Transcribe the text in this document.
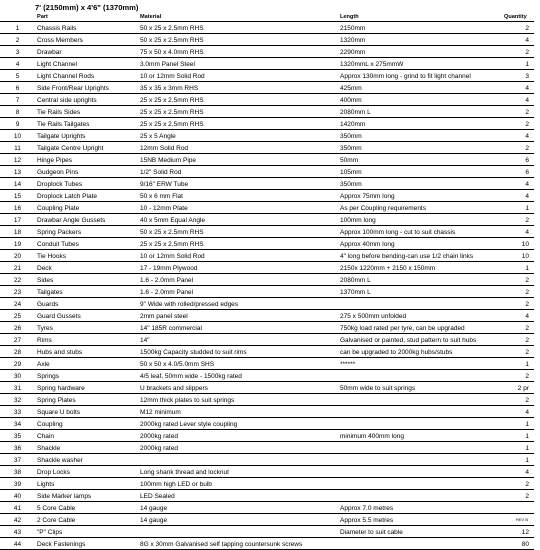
7' (2150mm) x 4'6" (1370mm)
	Part	Material	Length	Quantity
1	Chassis Rails	50 x 25 x 2.5mm RHS	2150mm	2
2	Cross Members	50 x 25 x 2.5mm RHS	1320mm	4
3	Drawbar	75 x 50 x 4.0mm RHS	2290mm	2
4	Light Channel	3.0mm Panel Steel	1320mmL x 275mmW	1
5	Light Channel Rods	10 or 12mm Solid Rod	Approx 130mm long - grind to fit light channel	3
6	Side Front/Rear Uprights	35 x 35 x 3mm RHS	425mm	4
7	Central side uprights	25 x 25 x 2.5mm RHS	400mm	4
8	Tie Rails Sides	25 x 25 x 2.5mm RHS	2080mm L	2
9	Tie Rails Tailgates	25 x 25 x 2.5mm RHS	1420mm	2
10	Tailgate Uprights	25 x 5 Angle	350mm	4
11	Tailgate Centre Upright	12mm Solid Rod	350mm	2
12	Hinge Pipes	15NB Medium Pipe	50mm	6
13	Gudgeon Pins	1/2" Solid Rod	105mm	6
14	Droplock Tubes	9/16" ERW Tube	350mm	4
15	Droplock Latch Plate	50 x 6 mm Flat	Approx 75mm long	4
16	Coupling Plate	10 - 12mm Plate	As per Coupling requirements	1
17	Drawbar Angle Gussets	40 x 5mm Equal Angle	100mm long	2
18	Spring Packers	50 x 25 x 2.5mm RHS	Approx 100mm long - cut to suit chassis	4
19	Conduit Tubes	25 x 25 x 2.5mm RHS	Approx 40mm long	10
20	Tie Hooks	10 or 12mm Solid Rod	4" long before bending-can use 1/2 chain links	10
21	Deck	17 - 19mm Plywood	2150x 1220mm + 2150 x 150mm	1
22	Sides	1.6 - 2.0mm Panel	2080mm L	2
23	Tailgates	1.6 - 2.0mm Panel	1370mm L	2
24	Guards	9" Wide with rolled/pressed edges		2
25	Guard Gussets	2mm panel steel	275 x 500mm unfolded	4
26	Tyres	14" 185R commercial	750kg load rated per tyre, can be upgraded	2
27	Rims	14"	Galvanised or painted, stud pattern to suit hubs	2
28	Hubs and stubs	1500kg Capacity studded to suit rims	can be upgraded to 2000kg hubs/stubs	2
29	Axle	50 x 50 x 4.0/5.0mm SHS	******	1
30	Springs	4/5 leaf, 50mm wide - 1500kg rated		2
31	Spring hardware	U brackets and slippers	50mm wide to suit springs	2 pr
32	Spring Plates	12mm thick plates to suit springs		2
33	Square U bolts	M12 minimum		4
34	Coupling	2000kg rated Lever style coupling		1
35	Chain	2000kg rated	minimum 400mm long	1
36	Shackle	2000kg rated		1
37	Shackle washer			1
38	Drop Locks	Long shank thread and locknut		4
39	Lights	100mm high LED or bulb		2
40	Side Marker lamps	LED Sealed		2
41	5 Core Cable	14 gauge	Approx 7.0 metres	
42	2 Core Cable	14 gauge	Approx 5.5 metres	
43	"P" Clips		Diameter to suit cable	12
44	Deck Fastenings	8G x 30mm Galvanised self tapping countersunk screws		80
REV B
